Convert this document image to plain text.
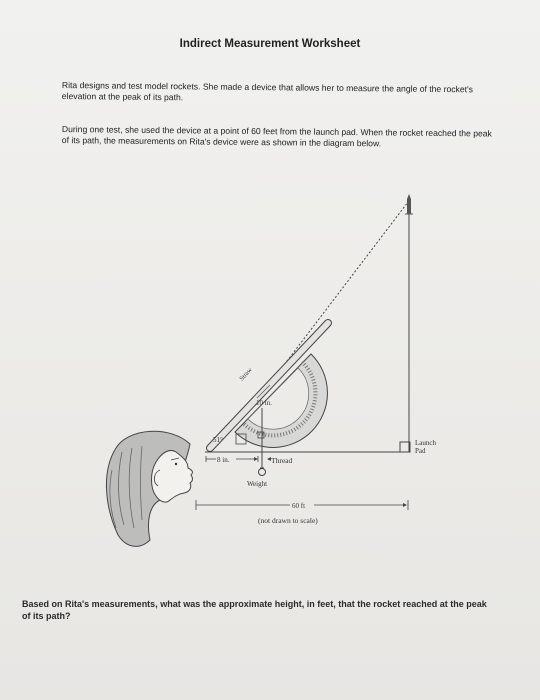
Indirect Measurement Worksheet
Rita designs and test model rockets. She made a device that allows her to measure the angle of the rocket's elevation at the peak of its path.
During one test, she used the device at a point of 60 feet from the launch pad. When the rocket reached the peak of its path, the measurements on Rita's device were as shown in the diagram below.
Launch
Pad
Straw
Weight
10 in.
51°
8 in.	Thread
60 ft
(not drawn to scale)
Based on Rita's measurements, what was the approximate height, in feet, that the rocket reached at the peak of its path?
